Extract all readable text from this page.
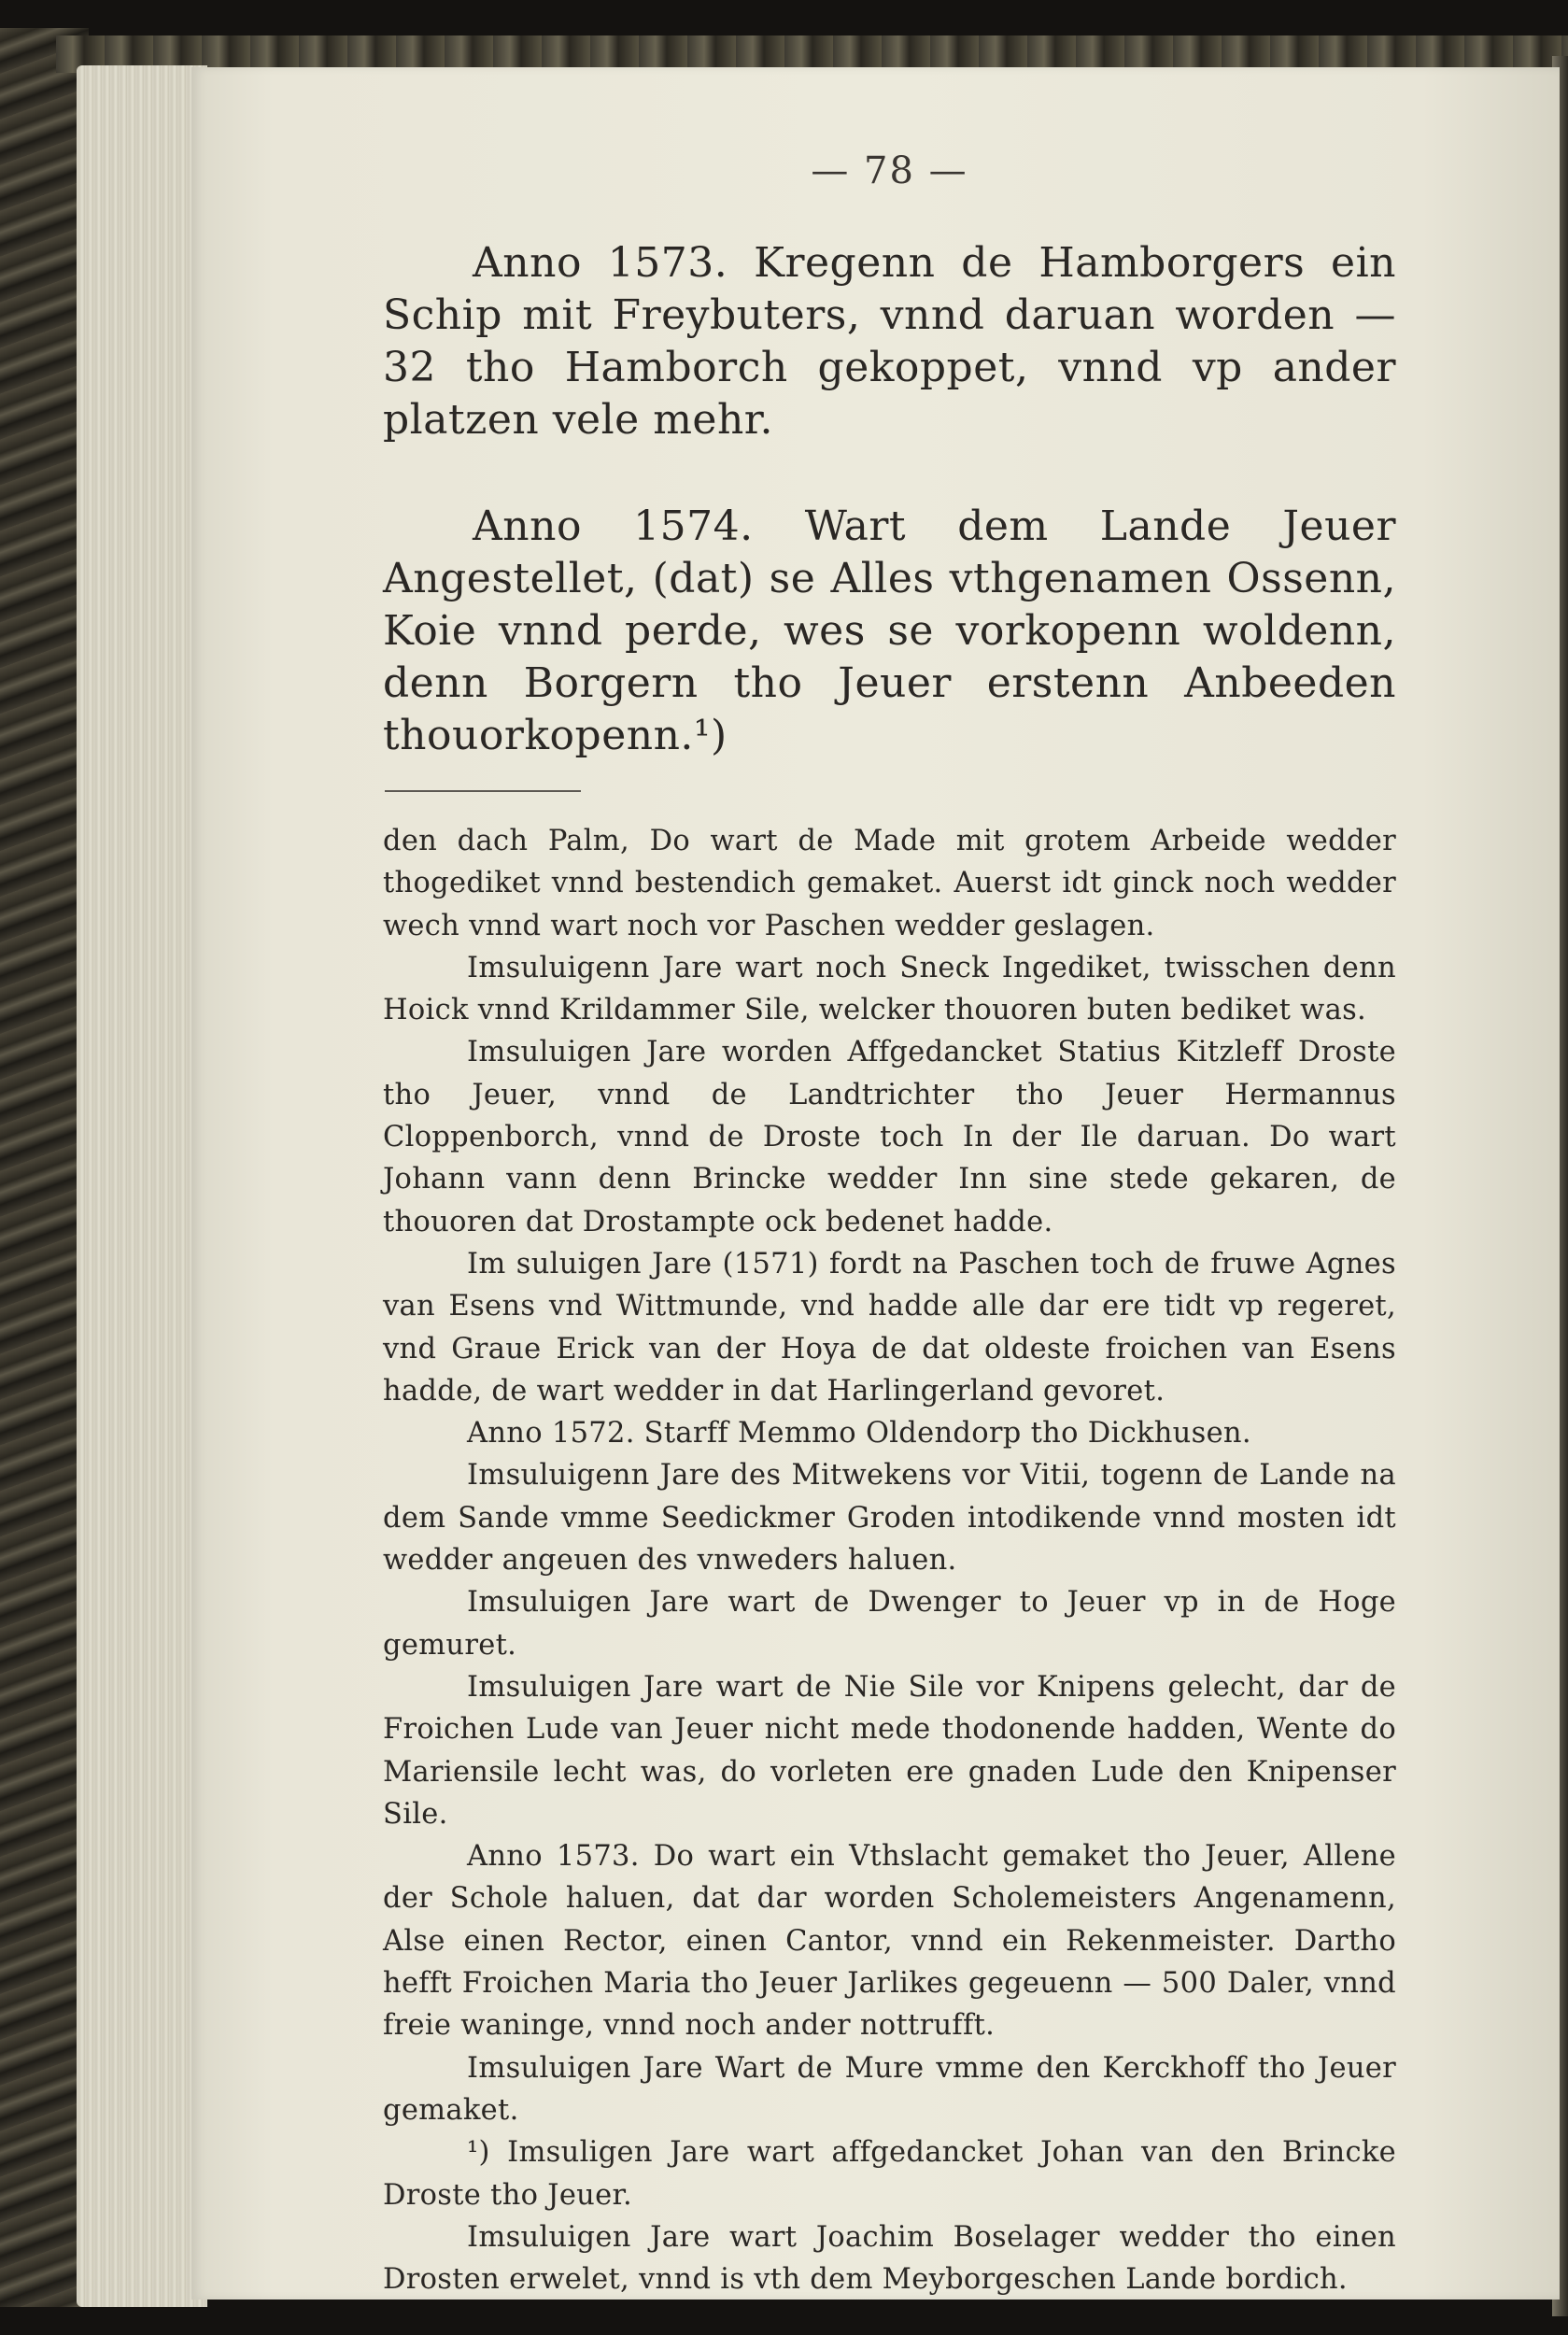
— 78 —

Anno 1573. Kregenn de Hamborgers ein Schip mit Freybuters, vnnd daruan worden — 32 tho Hamborch gekoppet, vnnd vp ander platzen vele mehr.

Anno 1574. Wart dem Lande Jeuer Angestellet, (dat) se Alles vthgenamen Ossenn, Koie vnnd perde, wes se vorkopenn woldenn, denn Borgern tho Jeuer erstenn Anbeeden thouorkopenn.¹)

den dach Palm, Do wart de Made mit grotem Arbeide wedder thogediket vnnd bestendich gemaket. Auerst idt ginck noch wedder wech vnnd wart noch vor Paschen wedder geslagen.

Imsuluigenn Jare wart noch Sneck Ingediket, twisschen denn Hoick vnnd Krildammer Sile, welcker thouoren buten bediket was.

Imsuluigen Jare worden Affgedancket Statius Kitzleff Droste tho Jeuer, vnnd de Landtrichter tho Jeuer Hermannus Cloppenborch, vnnd de Droste toch In der Ile daruan. Do wart Johann vann denn Brincke wedder Inn sine stede gekaren, de thouoren dat Drostampte ock bedenet hadde.

Im suluigen Jare (1571) fordt na Paschen toch de fruwe Agnes van Esens vnd Wittmunde, vnd hadde alle dar ere tidt vp regeret, vnd Graue Erick van der Hoya de dat oldeste froichen van Esens hadde, de wart wedder in dat Harlingerland gevoret.

Anno 1572. Starff Memmo Oldendorp tho Dickhusen.

Imsuluigenn Jare des Mitwekens vor Vitii, togenn de Lande na dem Sande vmme Seedickmer Groden intodikende vnnd mosten idt wedder angeuen des vnweders haluen.

Imsuluigen Jare wart de Dwenger to Jeuer vp in de Hoge gemuret.

Imsuluigen Jare wart de Nie Sile vor Knipens gelecht, dar de Froichen Lude van Jeuer nicht mede thodonende hadden, Wente do Mariensile lecht was, do vorleten ere gnaden Lude den Knipenser Sile.

Anno 1573. Do wart ein Vthslacht gemaket tho Jeuer, Allene der Schole haluen, dat dar worden Scholemeisters Angenamenn, Alse einen Rector, einen Cantor, vnnd ein Rekenmeister. Dartho hefft Froichen Maria tho Jeuer Jarlikes gegeuenn — 500 Daler, vnnd freie waninge, vnnd noch ander nottrufft.

Imsuluigen Jare Wart de Mure vmme den Kerckhoff tho Jeuer gemaket.

¹) Imsuligen Jare wart affgedancket Johan van den Brincke Droste tho Jeuer.

Imsuluigen Jare wart Joachim Boselager wedder tho einen Drosten erwelet, vnnd is vth dem Meyborgeschen Lande bordich.
